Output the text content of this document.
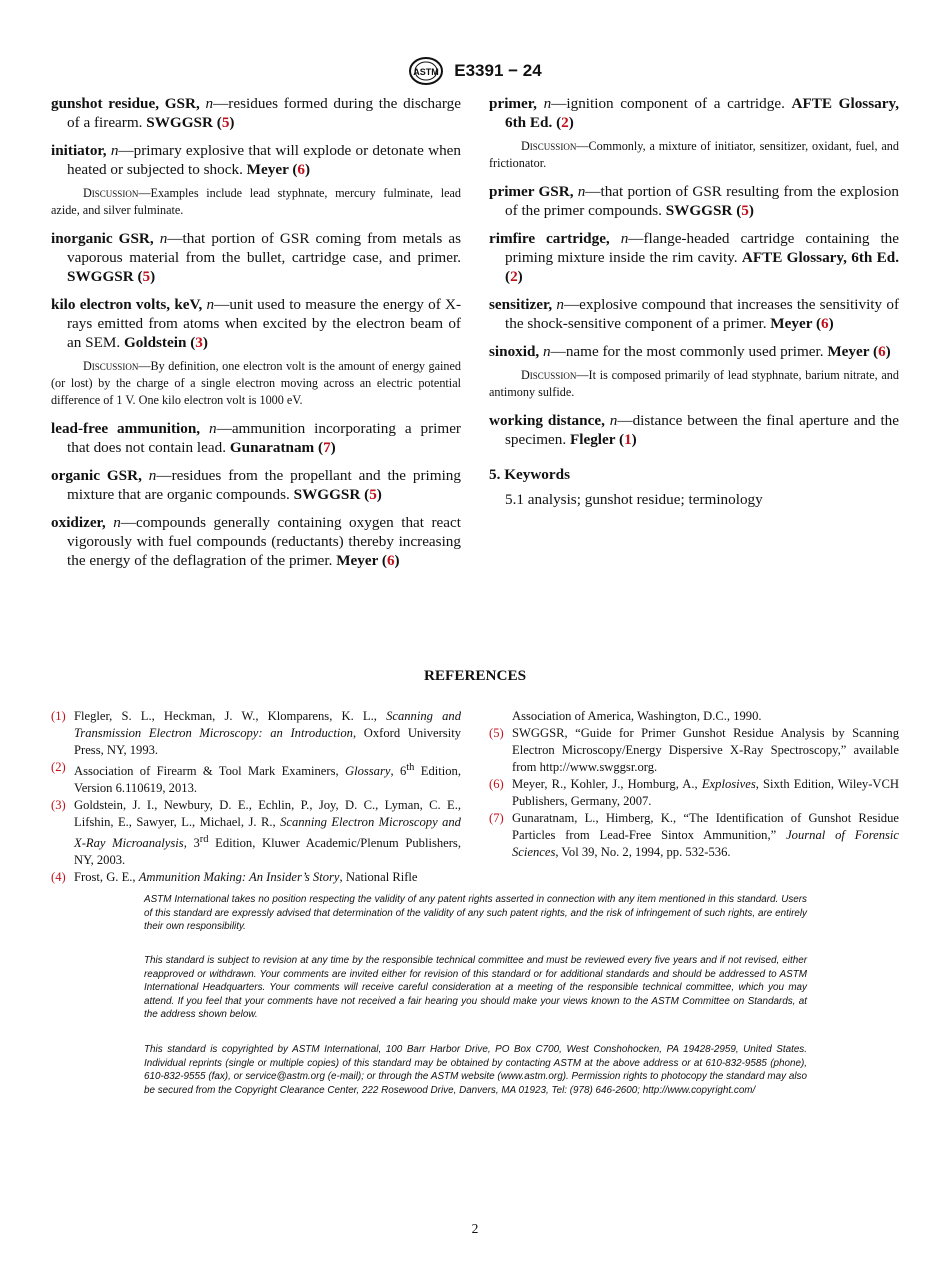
ASTM E3391 − 24

gunshot residue, GSR, n—residues formed during the discharge of a firearm. SWGGSR (5)

initiator, n—primary explosive that will explode or detonate when heated or subjected to shock. Meyer (6)

Discussion—Examples include lead styphnate, mercury fulminate, lead azide, and silver fulminate.

inorganic GSR, n—that portion of GSR coming from metals as vaporous material from the bullet, cartridge case, and primer. SWGGSR (5)

kilo electron volts, keV, n—unit used to measure the energy of X-rays emitted from atoms when excited by the electron beam of an SEM. Goldstein (3)

Discussion—By definition, one electron volt is the amount of energy gained (or lost) by the charge of a single electron moving across an electric potential difference of 1 V. One kilo electron volt is 1000 eV.

lead-free ammunition, n—ammunition incorporating a primer that does not contain lead. Gunaratnam (7)

organic GSR, n—residues from the propellant and the priming mixture that are organic compounds. SWGGSR (5)

oxidizer, n—compounds generally containing oxygen that react vigorously with fuel compounds (reductants) thereby increasing the energy of the deflagration of the primer. Meyer (6)

primer, n—ignition component of a cartridge. AFTE Glossary, 6th Ed. (2)

Discussion—Commonly, a mixture of initiator, sensitizer, oxidant, fuel, and frictionator.

primer GSR, n—that portion of GSR resulting from the explosion of the primer compounds. SWGGSR (5)

rimfire cartridge, n—flange-headed cartridge containing the priming mixture inside the rim cavity. AFTE Glossary, 6th Ed. (2)

sensitizer, n—explosive compound that increases the sensitivity of the shock-sensitive component of a primer. Meyer (6)

sinoxid, n—name for the most commonly used primer. Meyer (6)

Discussion—It is composed primarily of lead styphnate, barium nitrate, and antimony sulfide.

working distance, n—distance between the final aperture and the specimen. Flegler (1)

5. Keywords

5.1 analysis; gunshot residue; terminology

REFERENCES

(1) Flegler, S. L., Heckman, J. W., Klomparens, K. L., Scanning and Transmission Electron Microscopy: an Introduction, Oxford University Press, NY, 1993.

(2) Association of Firearm & Tool Mark Examiners, Glossary, 6th Edition, Version 6.110619, 2013.

(3) Goldstein, J. I., Newbury, D. E., Echlin, P., Joy, D. C., Lyman, C. E., Lifshin, E., Sawyer, L., Michael, J. R., Scanning Electron Microscopy and X-Ray Microanalysis, 3rd Edition, Kluwer Academic/Plenum Publishers, NY, 2003.

(4) Frost, G. E., Ammunition Making: An Insider’s Story, National Rifle

Association of America, Washington, D.C., 1990.

(5) SWGGSR, “Guide for Primer Gunshot Residue Analysis by Scanning Electron Microscopy/Energy Dispersive X-Ray Spectroscopy,” available from http://www.swggsr.org.

(6) Meyer, R., Kohler, J., Homburg, A., Explosives, Sixth Edition, Wiley-VCH Publishers, Germany, 2007.

(7) Gunaratnam, L., Himberg, K., “The Identification of Gunshot Residue Particles from Lead-Free Sintox Ammunition,” Journal of Forensic Sciences, Vol 39, No. 2, 1994, pp. 532-536.

ASTM International takes no position respecting the validity of any patent rights asserted in connection with any item mentioned in this standard. Users of this standard are expressly advised that determination of the validity of any such patent rights, and the risk of infringement of such rights, are entirely their own responsibility.

This standard is subject to revision at any time by the responsible technical committee and must be reviewed every five years and if not revised, either reapproved or withdrawn. Your comments are invited either for revision of this standard or for additional standards and should be addressed to ASTM International Headquarters. Your comments will receive careful consideration at a meeting of the responsible technical committee, which you may attend. If you feel that your comments have not received a fair hearing you should make your views known to the ASTM Committee on Standards, at the address shown below.

This standard is copyrighted by ASTM International, 100 Barr Harbor Drive, PO Box C700, West Conshohocken, PA 19428-2959, United States. Individual reprints (single or multiple copies) of this standard may be obtained by contacting ASTM at the above address or at 610-832-9585 (phone), 610-832-9555 (fax), or service@astm.org (e-mail); or through the ASTM website (www.astm.org). Permission rights to photocopy the standard may also be secured from the Copyright Clearance Center, 222 Rosewood Drive, Danvers, MA 01923, Tel: (978) 646-2600; http://www.copyright.com/

2
